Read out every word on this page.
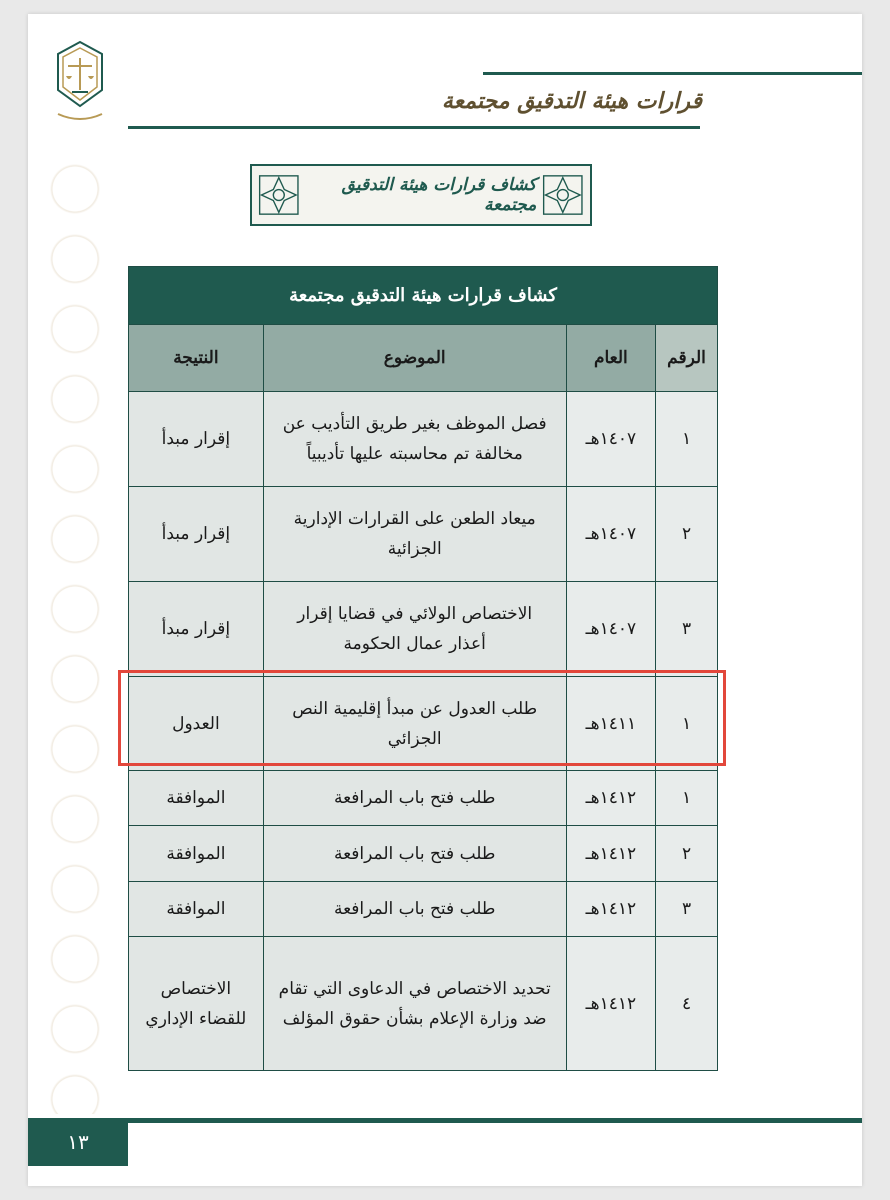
قرارات هيئة التدقيق مجتمعة
كشاف قرارات هيئة التدقيق مجتمعة
كشاف قرارات هيئة التدقيق مجتمعة			
الرقم	العام	الموضوع	النتيجة
١	١٤٠٧هـ	فصل الموظف بغير طريق التأديب عن مخالفة تم محاسبته عليها تأديبياً	إقرار مبدأ
٢	١٤٠٧هـ	ميعاد الطعن على القرارات الإدارية الجزائية	إقرار مبدأ
٣	١٤٠٧هـ	الاختصاص الولائي في قضايا إقرار أعذار عمال الحكومة	إقرار مبدأ
١	١٤١١هـ	طلب العدول عن مبدأ إقليمية النص الجزائي	العدول
١	١٤١٢هـ	طلب فتح باب المرافعة	الموافقة
٢	١٤١٢هـ	طلب فتح باب المرافعة	الموافقة
٣	١٤١٢هـ	طلب فتح باب المرافعة	الموافقة
٤	١٤١٢هـ	تحديد الاختصاص في الدعاوى التي تقام ضد وزارة الإعلام بشأن حقوق المؤلف	الاختصاص للقضاء الإداري
١٣
